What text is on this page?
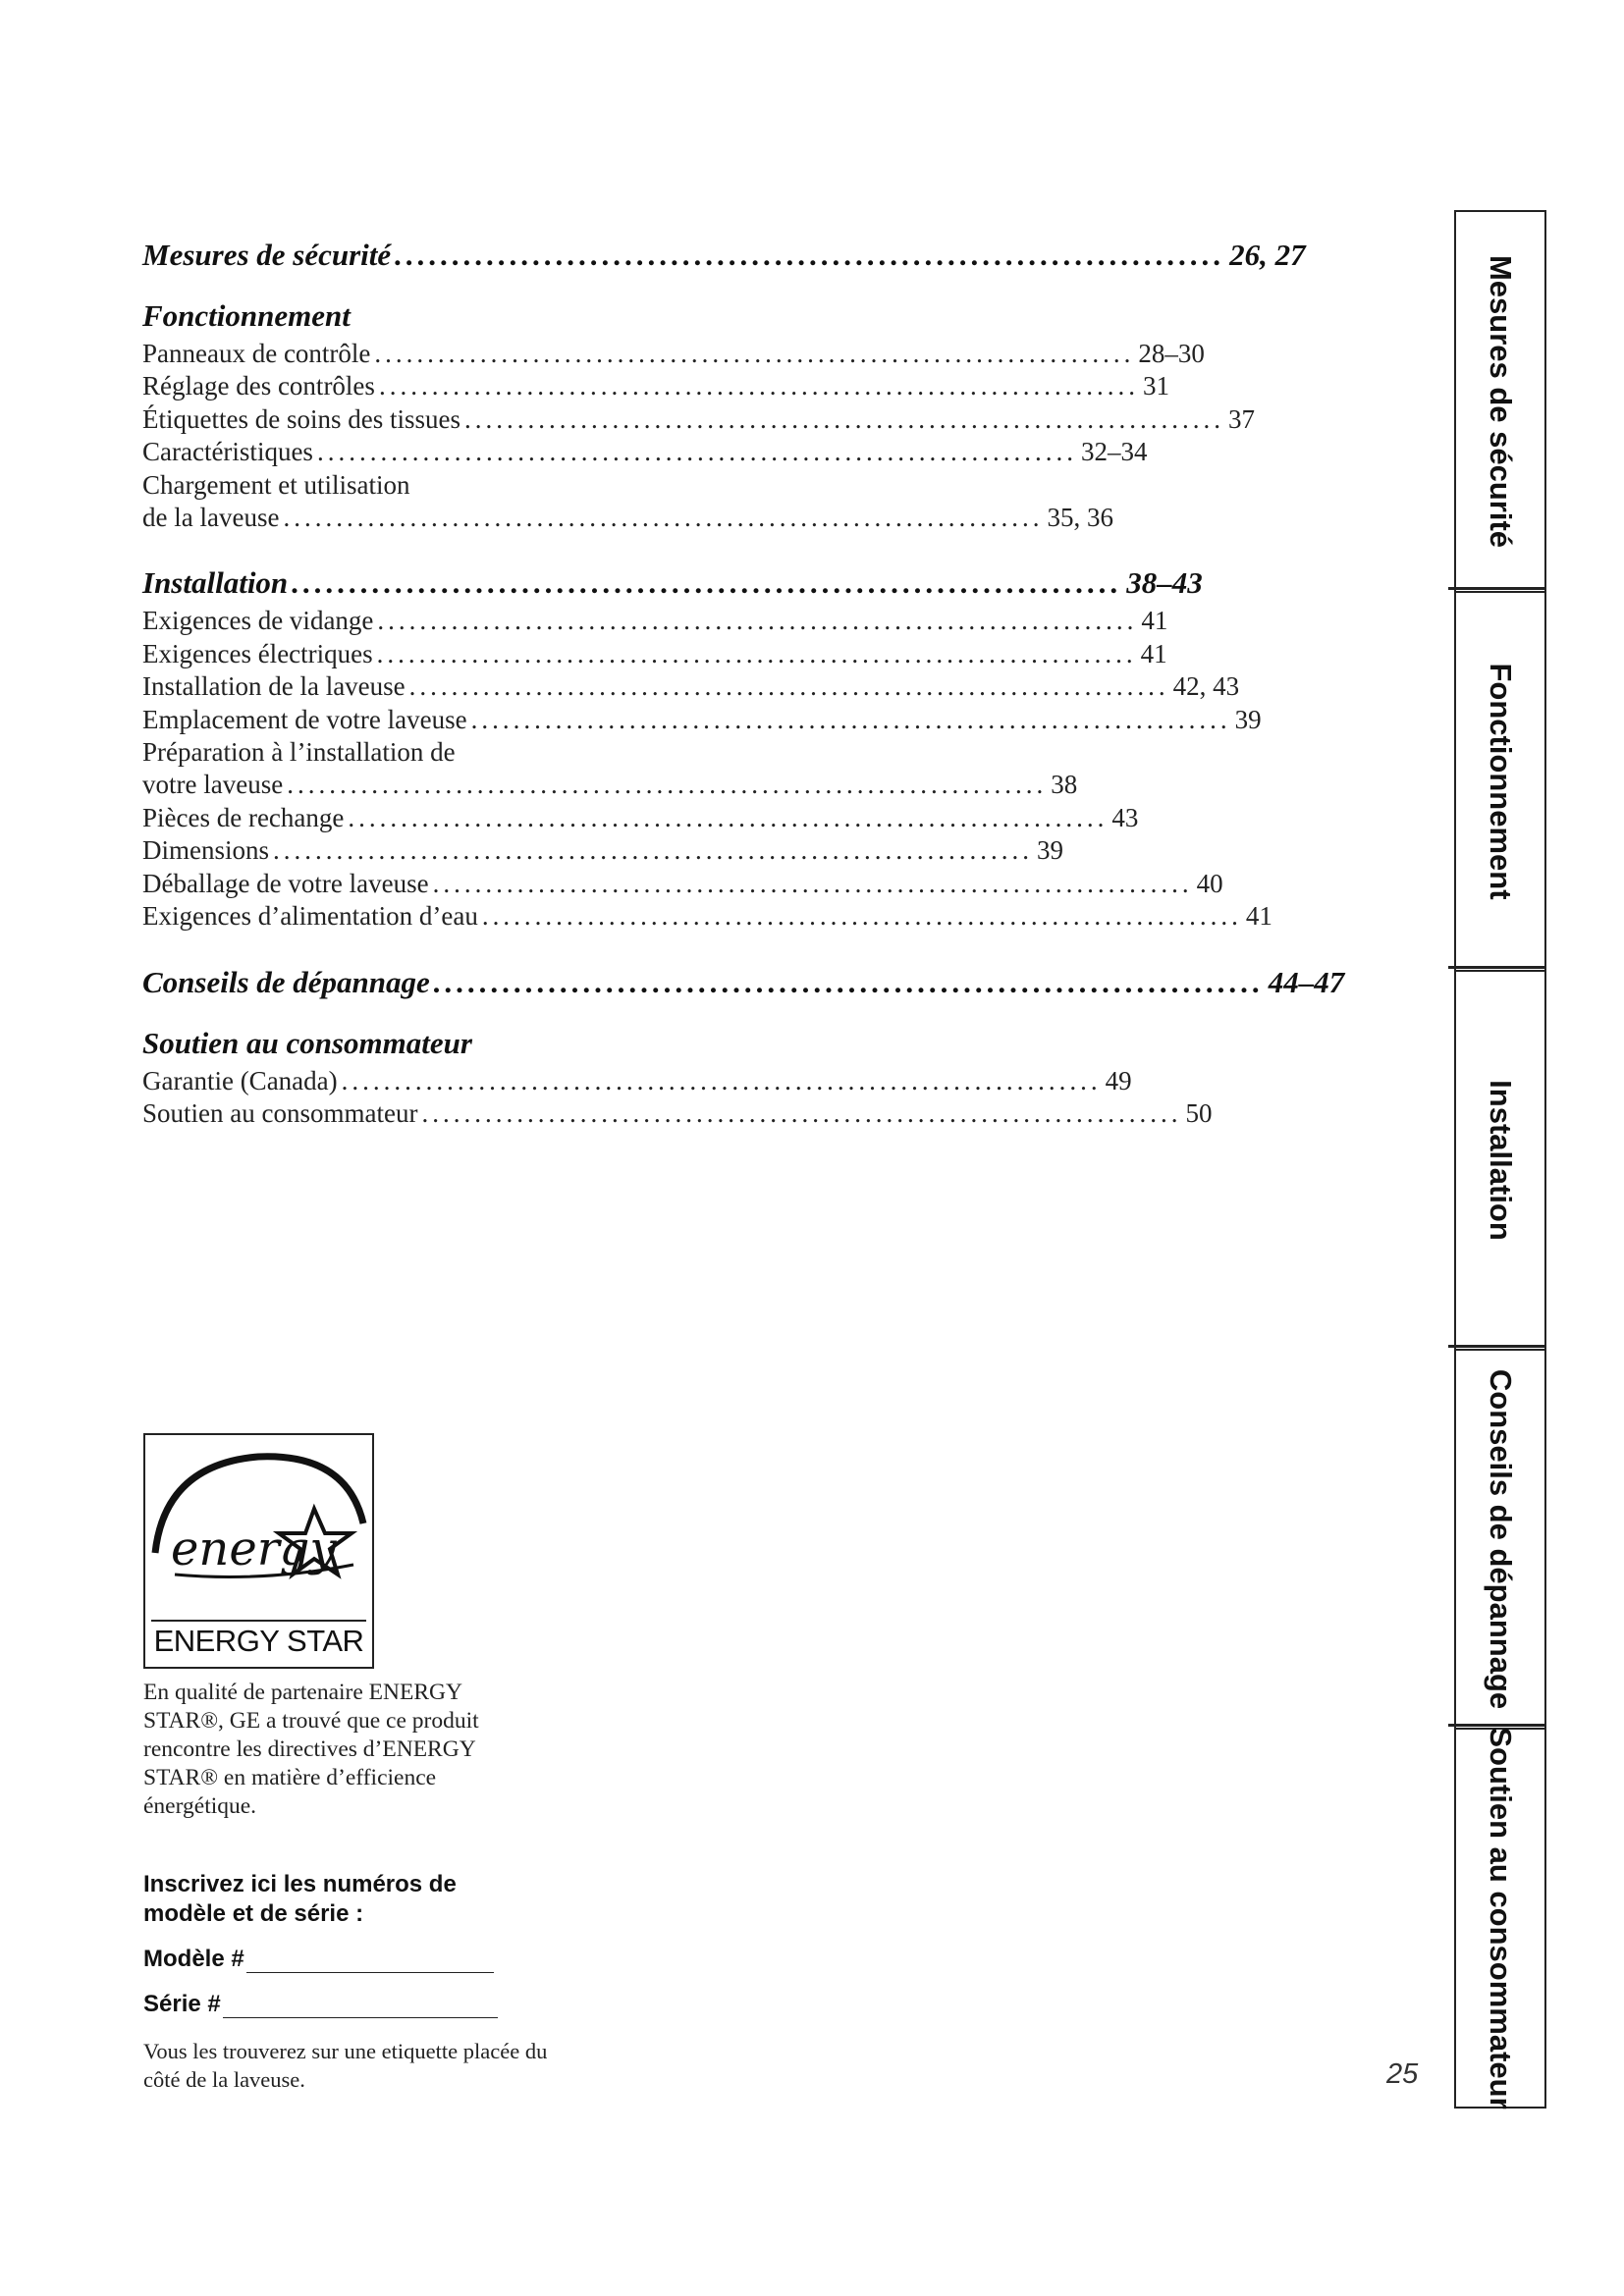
Mesures de sécurité ........................................................................ 26, 27
Fonctionnement
Panneaux de contrôle ........................................................................ 28–30
Réglage des contrôles ........................................................................ 31
Étiquettes de soins des tissues ........................................................................ 37
Caractéristiques ........................................................................ 32–34
Chargement et utilisation
de la laveuse ........................................................................ 35, 36
Installation ........................................................................ 38–43
Exigences de vidange ........................................................................ 41
Exigences électriques ........................................................................ 41
Installation de la laveuse ........................................................................ 42, 43
Emplacement de votre laveuse ........................................................................ 39
Préparation à l’installation de
votre laveuse ........................................................................ 38
Pièces de rechange ........................................................................ 43
Dimensions ........................................................................ 39
Déballage de votre laveuse ........................................................................ 40
Exigences d’alimentation d’eau ........................................................................ 41
Conseils de dépannage ........................................................................ 44–47
Soutien au consommateur
Garantie (Canada) ........................................................................ 49
Soutien au consommateur ........................................................................ 50
energy
ENERGY STAR
En qualité de partenaire ENERGY STAR®, GE a trouvé que ce produit rencontre les directives d’ENERGY STAR® en matière d’efficience énergétique.
Inscrivez ici les numéros de modèle et de série :
Modèle #
Série #
Vous les trouverez sur une etiquette placée du côté de la laveuse.	25
Mesures de sécurité
Fonctionnement
Installation
Conseils de dépannage
Soutien au consommateur
